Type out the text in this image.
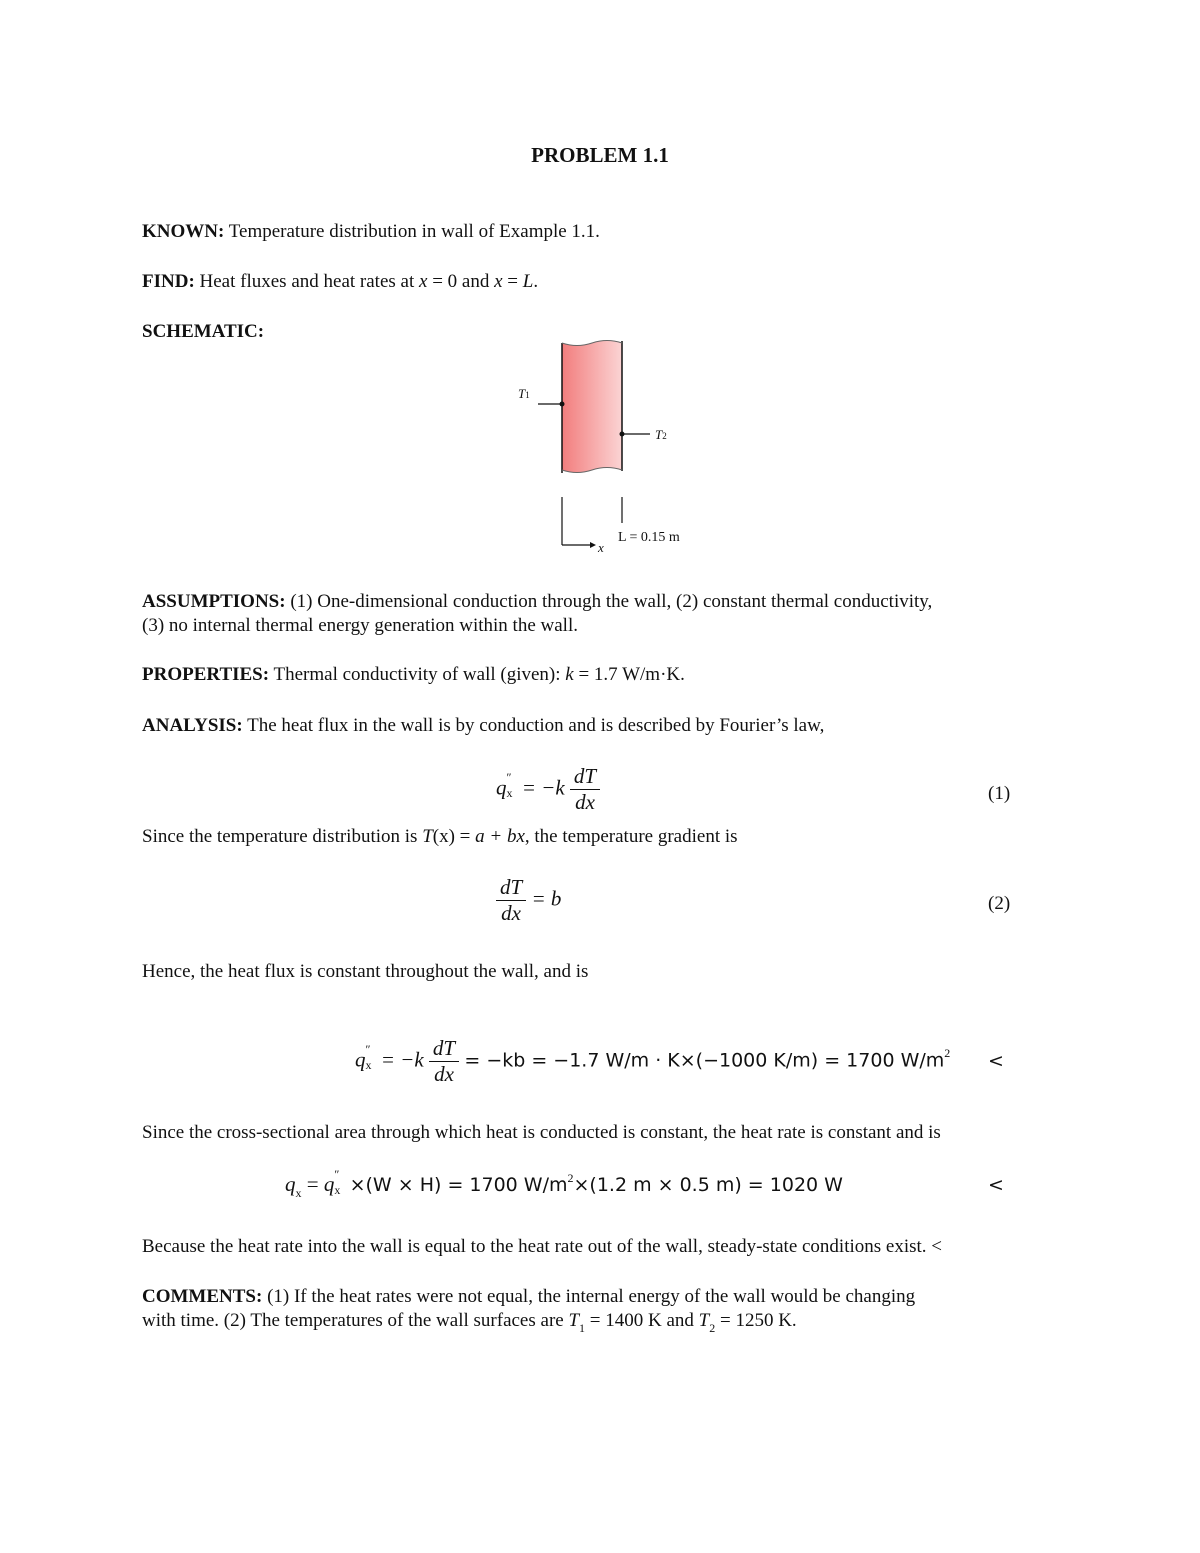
PROBLEM 1.1
KNOWN: Temperature distribution in wall of Example 1.1.
FIND: Heat fluxes and heat rates at x = 0 and x = L.
SCHEMATIC:
T1
T2
x
L = 0.15 m
ASSUMPTIONS: (1) One-dimensional conduction through the wall, (2) constant thermal conductivity,
(3) no internal thermal energy generation within the wall.
PROPERTIES: Thermal conductivity of wall (given): k = 1.7 W/m·K.
ANALYSIS: The heat flux in the wall is by conduction and is described by Fourier’s law,
q ″
$x = -k \frac{dT}{dx}$	(1)
Since the temperature distribution is T(x) = a + bx, the temperature gradient is
$\frac{dT}{dx} = b$	(2)
Hence, the heat flux is constant throughout the wall, and is
q ″
$x = -k \frac{dT}{dx} = -kb = -1.7$ W/m · K×(−1000 K/m) = 1700 $W/m^2$ <
Since the cross-sectional area through which heat is conducted is constant, the heat rate is constant and is
$q_x = q$ ″
x ×(W × H) = 1700 $W/m^2\times(1.2$ m × 0.5 m) = 1020 W	<
Because the heat rate into the wall is equal to the heat rate out of the wall, steady-state conditions exist. <
COMMENTS: (1) If the heat rates were not equal, the internal energy of the wall would be changing
with time. (2) The temperatures of the wall surfaces are $T_1 = 1400$ K and $T_2 = 1250$ K.
